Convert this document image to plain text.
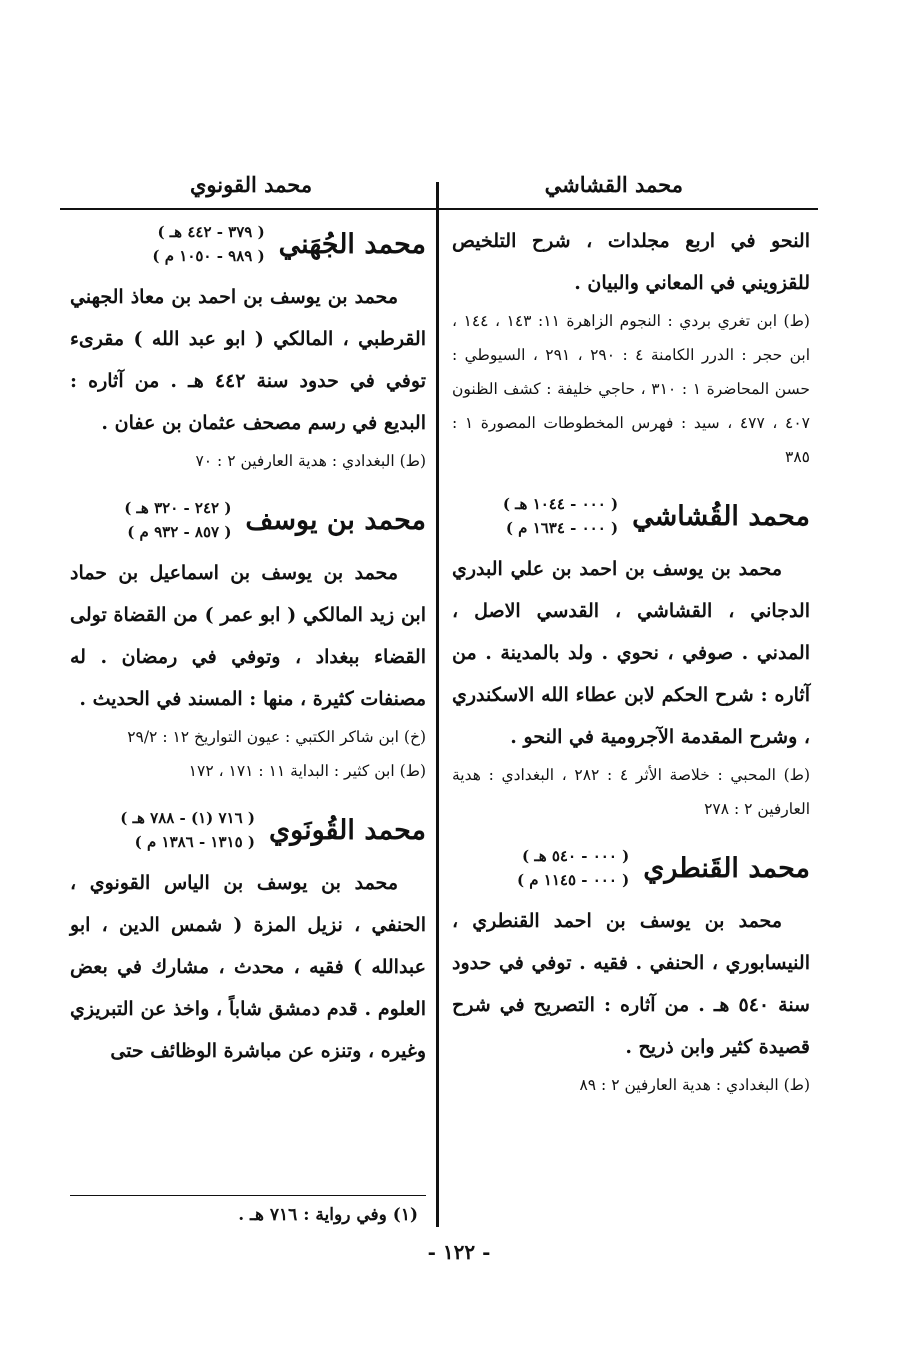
محمد القشاشي
محمد القونوي

النحو في اربع مجلدات ، شرح التلخيص للقزويني في المعاني والبيان .

(ط) ابن تغري بردي : النجوم الزاهرة ١١: ١٤٣ ، ١٤٤ ، ابن حجر : الدرر الكامنة ٤ : ٢٩٠ ، ٢٩١ ، السيوطي : حسن المحاضرة ١ : ٣١٠ ، حاجي خليفة : كشف الظنون ٤٠٧ ، ٤٧٧ ، سيد : فهرس المخطوطات المصورة ١ : ٣٨٥

محمد القُشاشي
( ٠٠٠ - ١٠٤٤ هـ )
( ٠٠٠ - ١٦٣٤ م )

محمد بن يوسف بن احمد بن علي البدري الدجاني ، القشاشي ، القدسي الاصل ، المدني . صوفي ، نحوي . ولد بالمدينة . من آثاره : شرح الحكم لابن عطاء الله الاسكندري ، وشرح المقدمة الآجرومية في النحو .

(ط) المحبي : خلاصة الأثر ٤ : ٢٨٢ ، البغدادي : هدية العارفين ٢ : ٢٧٨

محمد القَنطري
( ٠٠٠ - ٥٤٠ هـ )
( ٠٠٠ - ١١٤٥ م )

محمد بن يوسف بن احمد القنطري ، النيسابوري ، الحنفي . فقيه . توفي في حدود سنة ٥٤٠ هـ . من آثاره : التصريح في شرح قصيدة كثير وابن ذريح .

(ط) البغدادي : هدية العارفين ٢ : ٨٩

محمد الجُهَني
( ٣٧٩ - ٤٤٢ هـ )
( ٩٨٩ - ١٠٥٠ م )

محمد بن يوسف بن احمد بن معاذ الجهني القرطبي ، المالكي ( ابو عبد الله ) مقرىء توفي في حدود سنة ٤٤٢ هـ . من آثاره : البديع في رسم مصحف عثمان بن عفان .

(ط) البغدادي : هدية العارفين ٢ : ٧٠

محمد بن يوسف
( ٢٤٢ - ٣٢٠ هـ )
( ٨٥٧ - ٩٣٢ م )

محمد بن يوسف بن اسماعيل بن حماد ابن زيد المالكي ( ابو عمر ) من القضاة تولى القضاء ببغداد ، وتوفي في رمضان . له مصنفات كثيرة ، منها : المسند في الحديث .

(خ) ابن شاكر الكتبي : عيون التواريخ ١٢ : ٢٩/٢

(ط) ابن كثير : البداية ١١ : ١٧١ ، ١٧٢

محمد القُونَوي
( ٧١٦ (١) - ٧٨٨ هـ )
( ١٣١٥ - ١٣٨٦ م )

محمد بن يوسف بن الياس القونوي ، الحنفي ، نزيل المزة ( شمس الدين ، ابو عبدالله ) فقيه ، محدث ، مشارك في بعض العلوم . قدم دمشق شاباً ، واخذ عن التبريزي وغيره ، وتنزه عن مباشرة الوظائف حتى

(١) وفي رواية : ٧١٦ هـ .
- ١٢٢ -
